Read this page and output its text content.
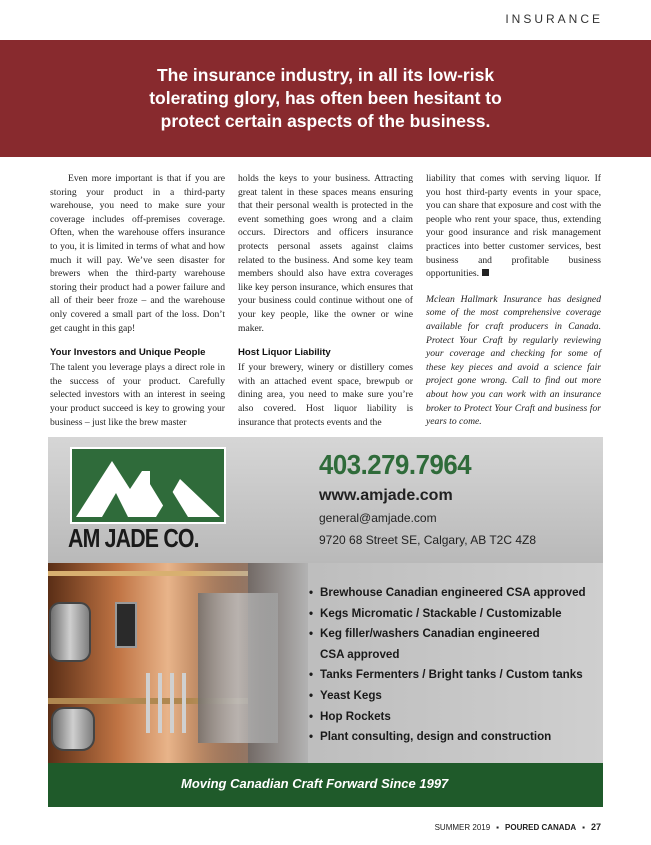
INSURANCE

The insurance industry, in all its low-risk tolerating glory, has often been hesitant to protect certain aspects of the business.

Even more important is that if you are storing your product in a third-party warehouse, you need to make sure your coverage includes off-premises coverage. Often, when the warehouse offers insurance to you, it is limited in terms of what and how much it will pay. We’ve seen disaster for brewers when the third-party warehouse storing their product had a power failure and all of their beer froze – and the warehouse only covered a small part of the loss. Don’t get caught in this gap!

Your Investors and Unique People

The talent you leverage plays a direct role in the success of your product. Carefully selected investors with an interest in seeing your product succeed is key to growing your business – just like the brew master

holds the keys to your business. Attracting great talent in these spaces means ensuring that their personal wealth is protected in the event something goes wrong and a claim occurs. Directors and officers insurance protects personal assets against claims related to the business. And some key team members should also have extra coverages like key person insurance, which ensures that your business could continue without one of your key people, like the owner or wine maker.

Host Liquor Liability

If your brewery, winery or distillery comes with an attached event space, brewpub or dining area, you need to make sure you’re also covered. Host liquor liability is insurance that protects events and the

liability that comes with serving liquor. If you host third-party events in your space, you can share that exposure and cost with the people who rent your space, thus, extending your good insurance and risk management practices into better customer services, best business and profitable business opportunities.

Mclean Hallmark Insurance has designed some of the most comprehensive coverage available for craft producers in Canada. Protect Your Craft by regularly reviewing your coverage and checking for some of these key pieces and avoid a science fair project gone wrong. Call to find out more about how you can work with an insurance broker to Protect Your Craft and business for years to come.

AM JADE CO.
403.279.7964
www.amjade.com
general@amjade.com
9720 68 Street SE, Calgary, AB T2C 4Z8
• Brewhouse Canadian engineered CSA approved
• Kegs Micromatic / Stackable / Customizable
• Keg filler/washers Canadian engineered
CSA approved
• Tanks Fermenters / Bright tanks / Custom tanks
• Yeast Kegs
• Hop Rockets
• Plant consulting, design and construction
Moving Canadian Craft Forward Since 1997
SUMMER 2019 ▪ POURED CANADA ▪ 27
